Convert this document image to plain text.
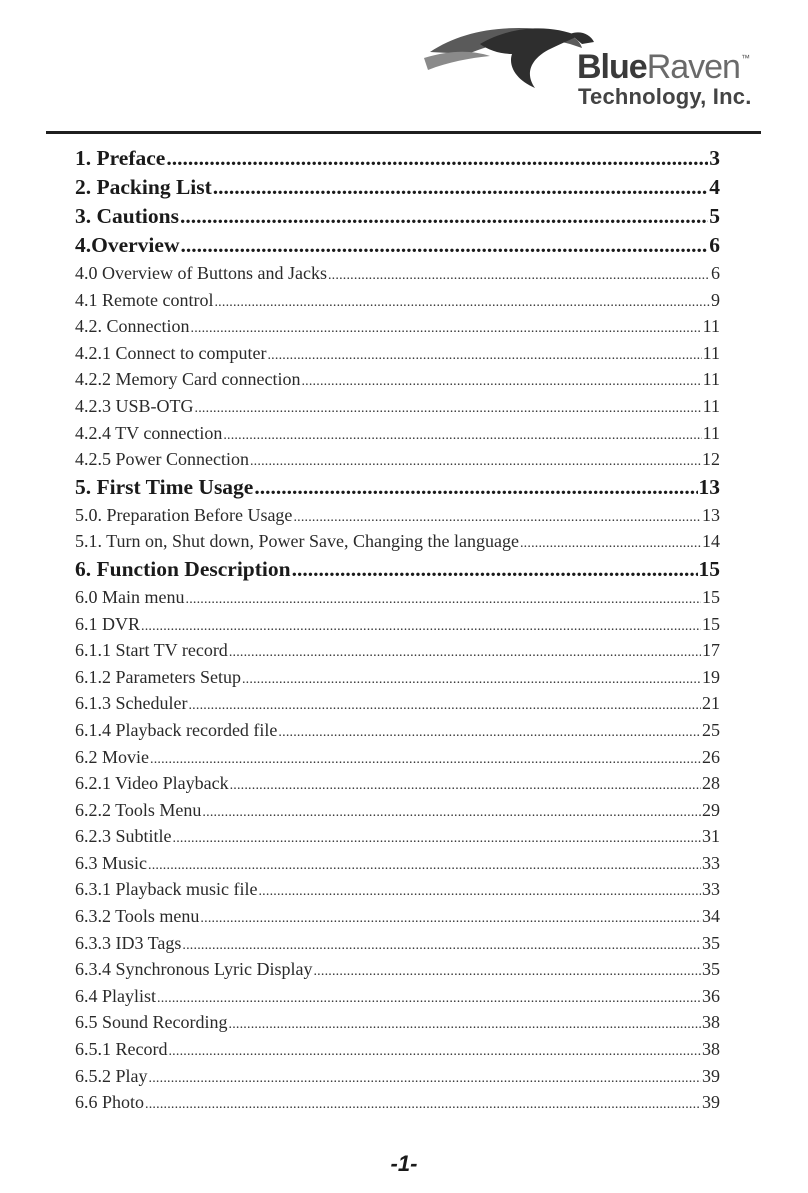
BlueRaven™
Technology, Inc.
1. Preface .....	3
2. Packing List .....	4
3. Cautions .....	5
4.Overview .....	6
4.0 Overview of Buttons and Jacks .....	6
4.1 Remote control .....	9
4.2. Connection .....	11
4.2.1 Connect to computer .....	11
4.2.2 Memory Card connection .....	11
4.2.3 USB-OTG .....	11
4.2.4 TV connection .....	11
4.2.5 Power Connection .....	12
5. First Time Usage .....	13
5.0. Preparation Before Usage .....	13
5.1. Turn on, Shut down, Power Save, Changing the language .....	14
6. Function Description .....	15
6.0 Main menu .....	15
6.1 DVR .....	15
6.1.1 Start TV record .....	17
6.1.2 Parameters Setup .....	19
6.1.3 Scheduler .....	21
6.1.4 Playback recorded file .....	25
6.2 Movie .....	26
6.2.1 Video Playback .....	28
6.2.2 Tools Menu .....	29
6.2.3 Subtitle .....	31
6.3 Music .....	33
6.3.1 Playback music file .....	33
6.3.2 Tools menu .....	34
6.3.3 ID3 Tags .....	35
6.3.4 Synchronous Lyric Display .....	35
6.4 Playlist .....	36
6.5 Sound Recording .....	38
6.5.1 Record .....	38
6.5.2 Play .....	39
6.6 Photo .....	39
-1-
